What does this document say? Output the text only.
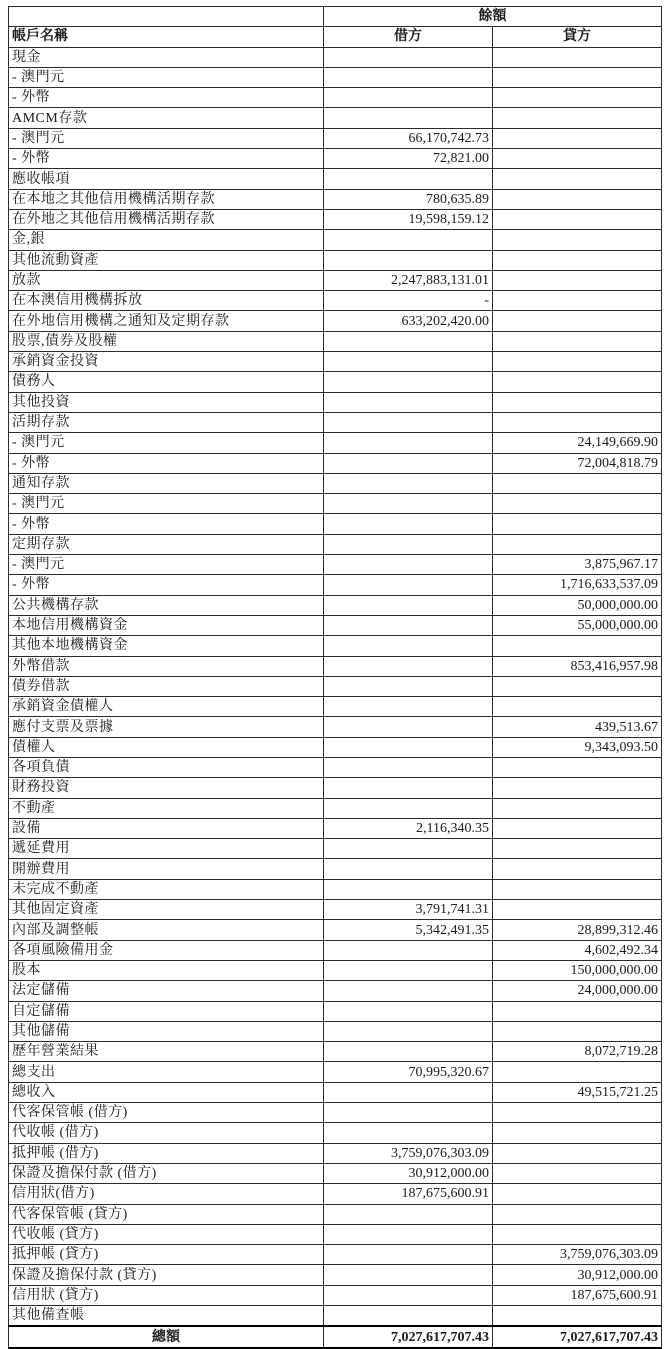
	餘額	
帳戶名稱	借方	貸方
現金		
- 澳門元		
- 外幣		
AMCM存款		
- 澳門元	66,170,742.73	
- 外幣	72,821.00	
應收帳項		
在本地之其他信用機構活期存款	780,635.89	
在外地之其他信用機構活期存款	19,598,159.12	
金,銀		
其他流動資產		
放款	2,247,883,131.01	
在本澳信用機構拆放	-	
在外地信用機構之通知及定期存款	633,202,420.00	
股票,債券及股權		
承銷資金投資		
債務人		
其他投資		
活期存款		
- 澳門元		24,149,669.90
- 外幣		72,004,818.79
通知存款		
- 澳門元		
- 外幣		
定期存款		
- 澳門元		3,875,967.17
- 外幣		1,716,633,537.09
公共機構存款		50,000,000.00
本地信用機構資金		55,000,000.00
其他本地機構資金		
外幣借款		853,416,957.98
債券借款		
承銷資金債權人		
應付支票及票據		439,513.67
債權人		9,343,093.50
各項負債		
財務投資		
不動產		
設備	2,116,340.35	
遞延費用		
開辦費用		
未完成不動產		
其他固定資產	3,791,741.31	
內部及調整帳	5,342,491.35	28,899,312.46
各項風險備用金		4,602,492.34
股本		150,000,000.00
法定儲備		24,000,000.00
自定儲備		
其他儲備		
歷年營業結果		8,072,719.28
總支出	70,995,320.67	
總收入		49,515,721.25
代客保管帳 (借方)		
代收帳 (借方)		
抵押帳 (借方)	3,759,076,303.09	
保證及擔保付款 (借方)	30,912,000.00	
信用狀(借方)	187,675,600.91	
代客保管帳 (貸方)		
代收帳 (貸方)		
抵押帳 (貸方)		3,759,076,303.09
保證及擔保付款 (貸方)		30,912,000.00
信用狀 (貸方)		187,675,600.91
其他備查帳		
總額	7,027,617,707.43	7,027,617,707.43
